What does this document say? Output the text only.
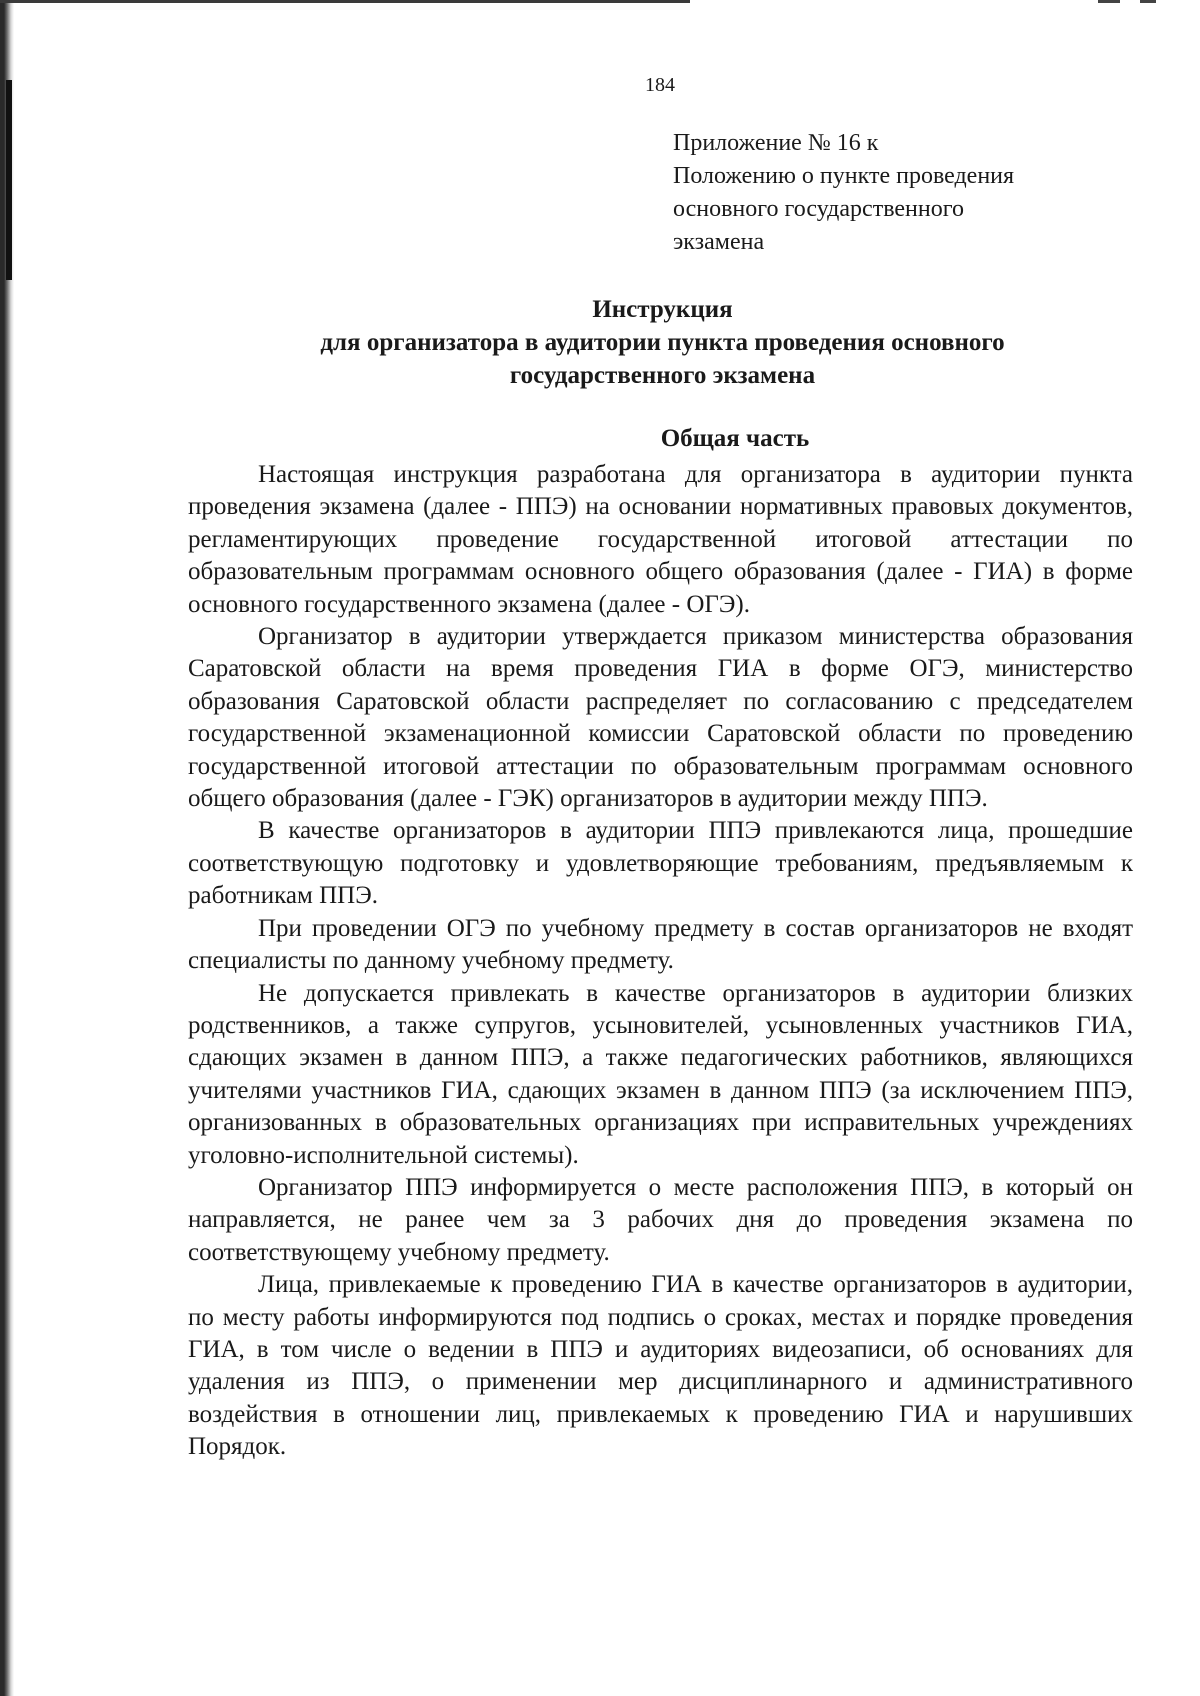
184
Приложение № 16 к
Положению о пункте проведения
основного государственного
экзамена
Инструкция
для организатора в аудитории пункта проведения основного
государственного экзамена
Общая часть

Настоящая инструкция разработана для организатора в аудитории пункта проведения экзамена (далее - ППЭ) на основании нормативных правовых документов, регламентирующих проведение государственной итоговой аттестации по образовательным программам основного общего образования (далее - ГИА) в форме основного государственного экзамена (далее - ОГЭ).

Организатор в аудитории утверждается приказом министерства образования Саратовской области на время проведения ГИА в форме ОГЭ, министерство образования Саратовской области распределяет по согласованию с председателем государственной экзаменационной комиссии Саратовской области по проведению государственной итоговой аттестации по образовательным программам основного общего образования (далее - ГЭК) организаторов в аудитории между ППЭ.

В качестве организаторов в аудитории ППЭ привлекаются лица, прошедшие соответствующую подготовку и удовлетворяющие требованиям, предъявляемым к работникам ППЭ.

При проведении ОГЭ по учебному предмету в состав организаторов не входят специалисты по данному учебному предмету.

Не допускается привлекать в качестве организаторов в аудитории близких родственников, а также супругов, усыновителей, усыновленных участников ГИА, сдающих экзамен в данном ППЭ, а также педагогических работников, являющихся учителями участников ГИА, сдающих экзамен в данном ППЭ (за исключением ППЭ, организованных в образовательных организациях при исправительных учреждениях уголовно-исполнительной системы).

Организатор ППЭ информируется о месте расположения ППЭ, в который он направляется, не ранее чем за 3 рабочих дня до проведения экзамена по соответствующему учебному предмету.

Лица, привлекаемые к проведению ГИА в качестве организаторов в аудитории, по месту работы информируются под подпись о сроках, местах и порядке проведения ГИА, в том числе о ведении в ППЭ и аудиториях видеозаписи, об основаниях для удаления из ППЭ, о применении мер дисциплинарного и административного воздействия в отношении лиц, привлекаемых к проведению ГИА и нарушивших Порядок.
